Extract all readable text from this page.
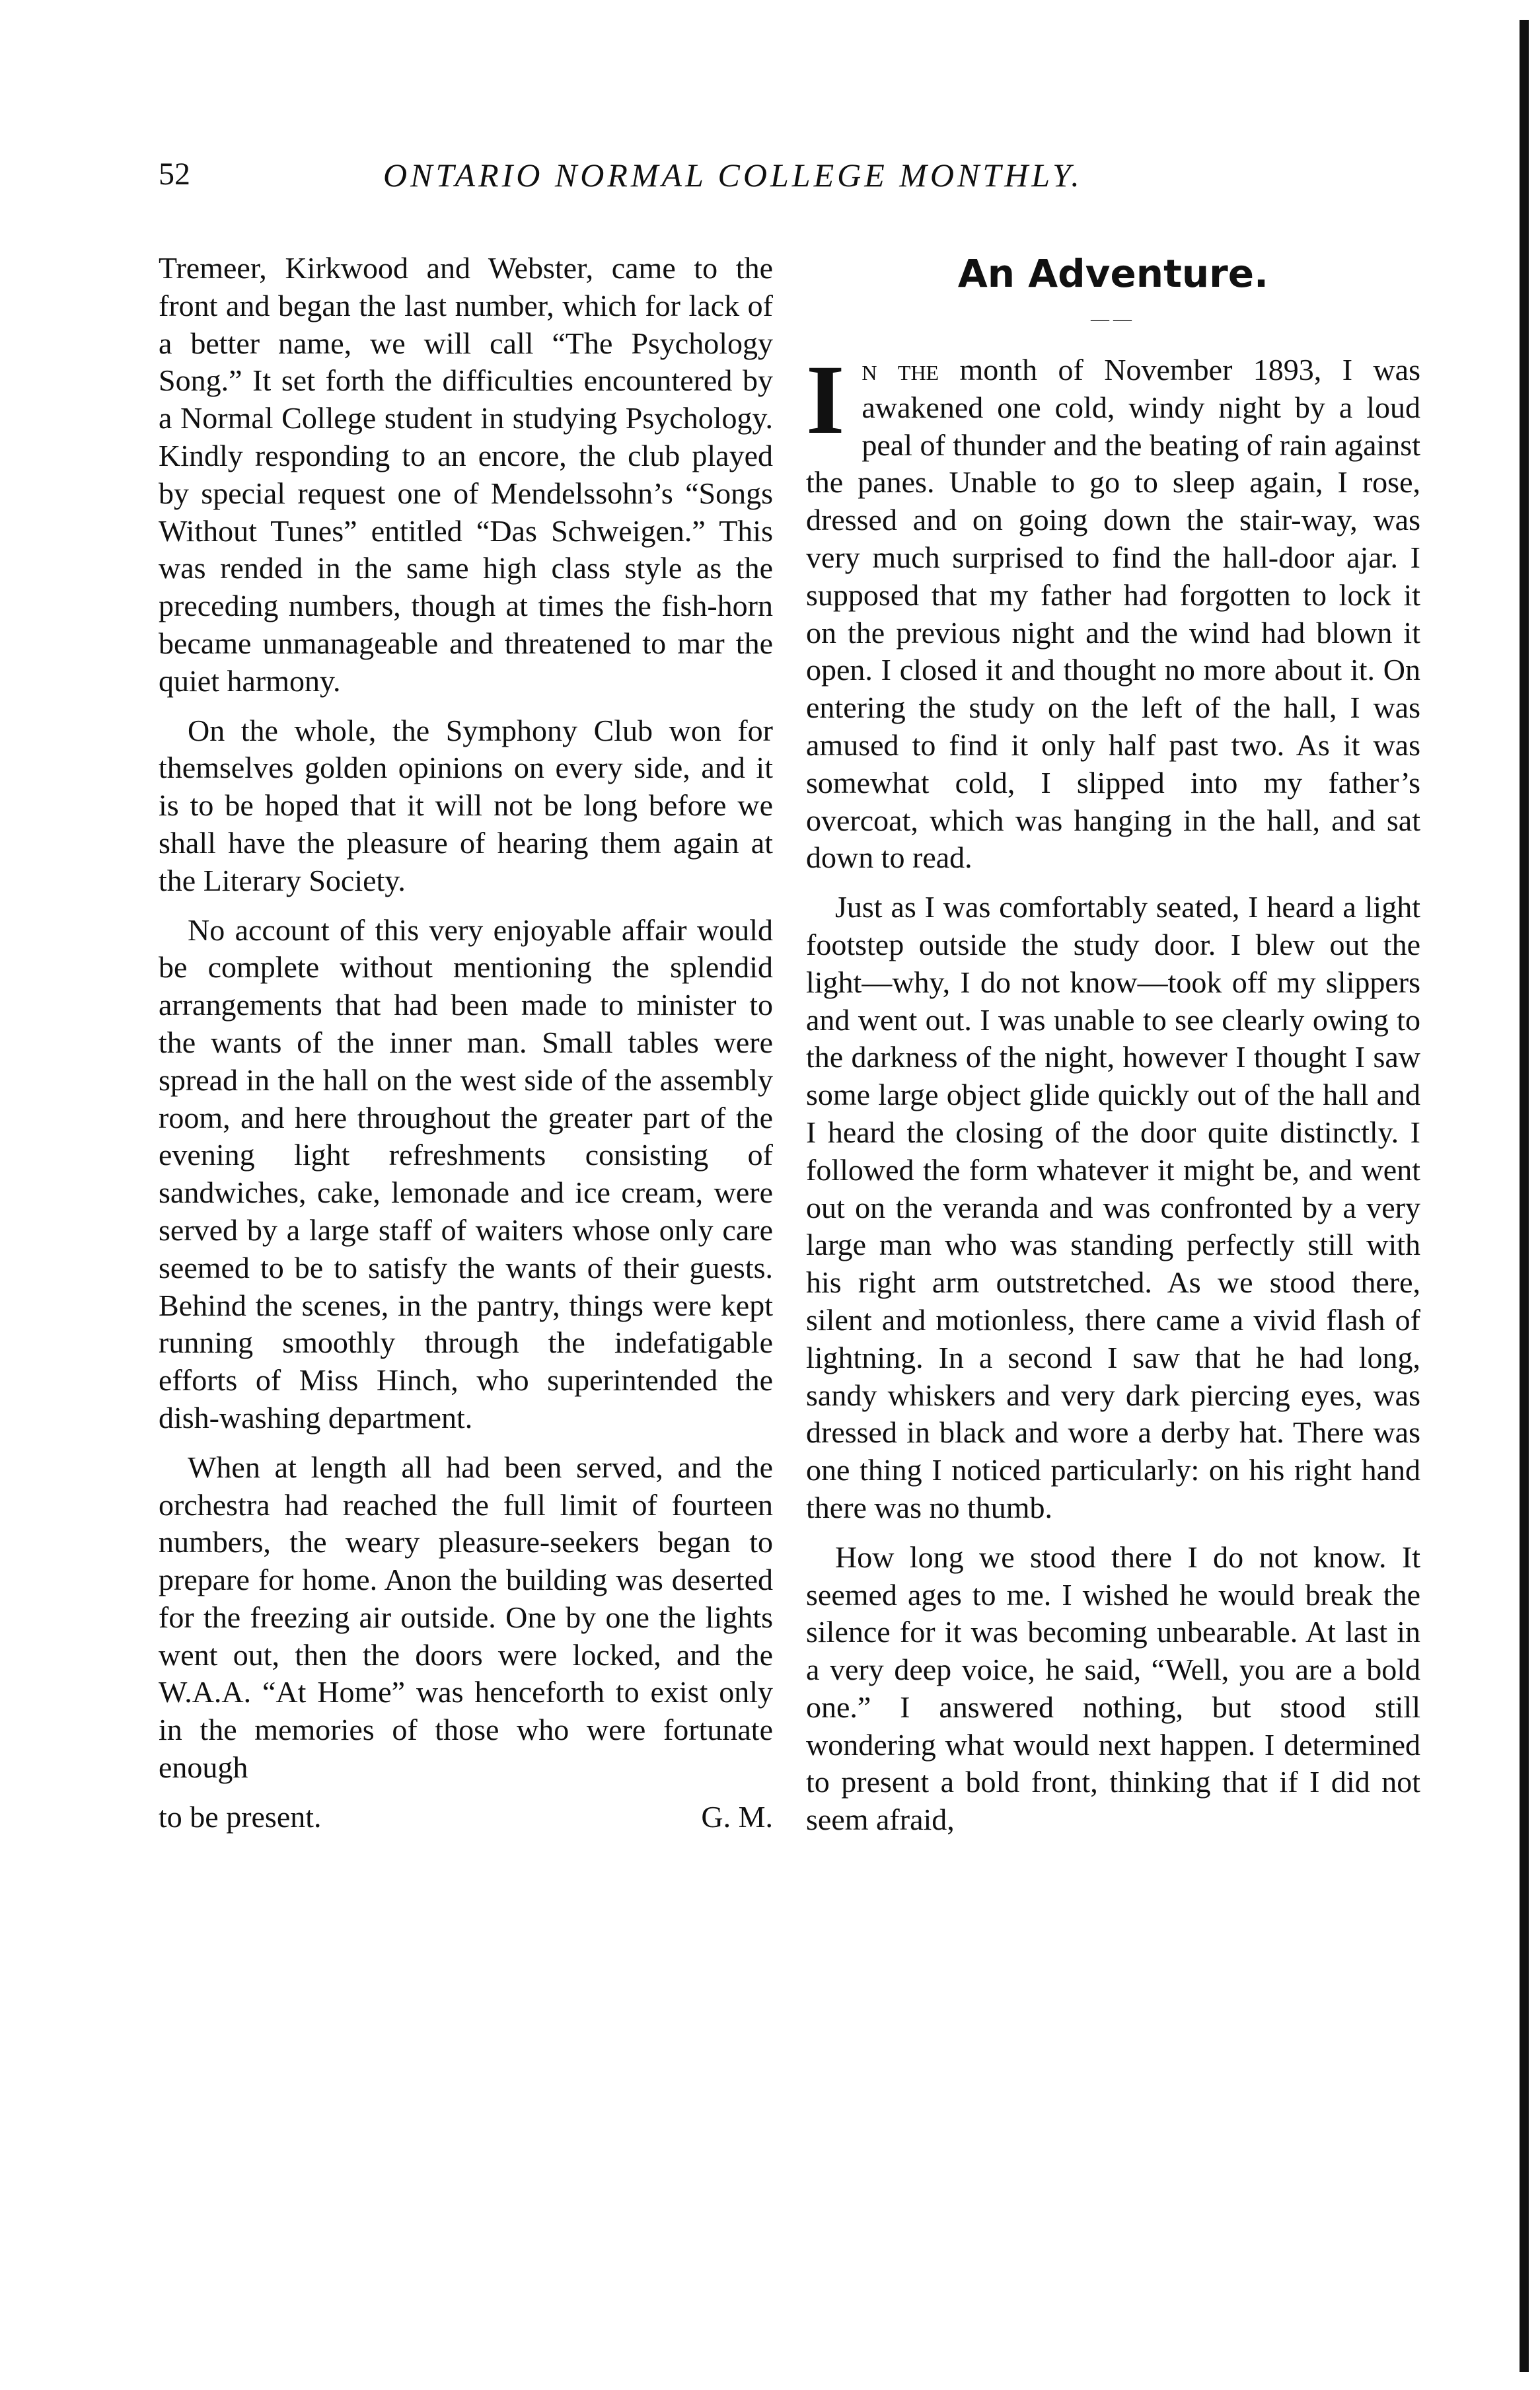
52	ONTARIO NORMAL COLLEGE MONTHLY.

Tremeer, Kirkwood and Webster, came to the front and began the last number, which for lack of a better name, we will call “The Psychology Song.” It set forth the difficulties encountered by a Normal College student in studying Psychology. Kindly responding to an encore, the club played by special request one of Mendelssohn’s “Songs Without Tunes” entitled “Das Schweigen.” This was rended in the same high class style as the preceding numbers, though at times the fish-horn became unmanageable and threatened to mar the quiet harmony.

On the whole, the Symphony Club won for themselves golden opinions on every side, and it is to be hoped that it will not be long before we shall have the pleasure of hearing them again at the Literary Society.

No account of this very enjoyable affair would be complete without mentioning the splendid arrangements that had been made to minister to the wants of the inner man. Small tables were spread in the hall on the west side of the assembly room, and here throughout the greater part of the evening light refreshments consisting of sandwiches, cake, lemonade and ice cream, were served by a large staff of waiters whose only care seemed to be to satisfy the wants of their guests. Behind the scenes, in the pantry, things were kept running smoothly through the indefatigable efforts of Miss Hinch, who superintended the dish-washing department.

When at length all had been served, and the orchestra had reached the full limit of fourteen numbers, the weary pleasure-seekers began to prepare for home. Anon the building was deserted for the freezing air outside. One by one the lights went out, then the doors were locked, and the W.A.A. “At Home” was henceforth to exist only in the memories of those who were fortunate enough

to be present.	G. M.
An Adventure.
——

In the month of November 1893, I was awakened one cold, windy night by a loud peal of thunder and the beating of rain against the panes. Unable to go to sleep again, I rose, dressed and on going down the stair-way, was very much surprised to find the hall-door ajar. I supposed that my father had forgotten to lock it on the previous night and the wind had blown it open. I closed it and thought no more about it. On entering the study on the left of the hall, I was amused to find it only half past two. As it was somewhat cold, I slipped into my father’s overcoat, which was hanging in the hall, and sat down to read.

Just as I was comfortably seated, I heard a light footstep outside the study door. I blew out the light—why, I do not know—took off my slippers and went out. I was unable to see clearly owing to the darkness of the night, however I thought I saw some large object glide quickly out of the hall and I heard the closing of the door quite distinctly. I followed the form whatever it might be, and went out on the veranda and was confronted by a very large man who was standing perfectly still with his right arm outstretched. As we stood there, silent and motionless, there came a vivid flash of lightning. In a second I saw that he had long, sandy whiskers and very dark piercing eyes, was dressed in black and wore a derby hat. There was one thing I noticed particularly: on his right hand there was no thumb.

How long we stood there I do not know. It seemed ages to me. I wished he would break the silence for it was becoming unbearable. At last in a very deep voice, he said, “Well, you are a bold one.” I answered nothing, but stood still wondering what would next happen. I determined to present a bold front, thinking that if I did not seem afraid,
